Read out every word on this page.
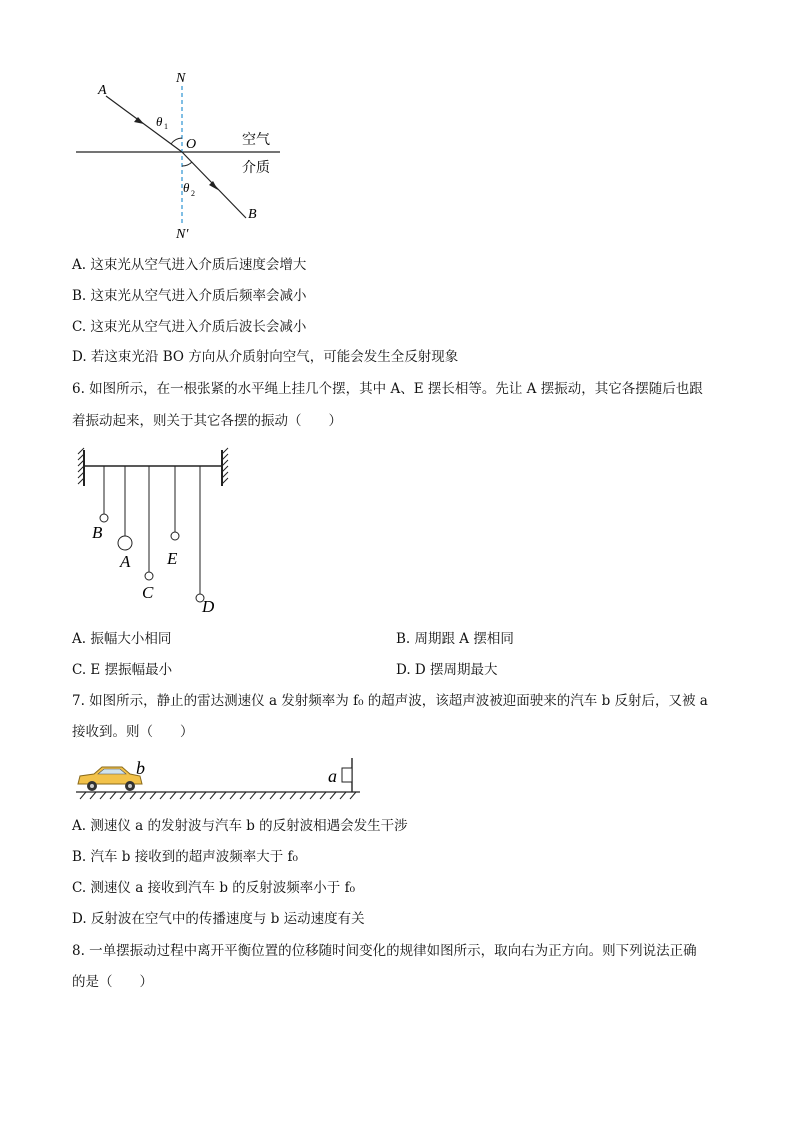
N
A
θ 1
O	空气
介质
θ 2
B
N′
A. 这束光从空气进入介质后速度会增大
B. 这束光从空气进入介质后频率会减小
C. 这束光从空气进入介质后波长会减小
D. 若这束光沿 BO 方向从介质射向空气，可能会发生全反射现象
6. 如图所示，在一根张紧的水平绳上挂几个摆，其中 A、E 摆长相等。先让 A 摆振动，其它各摆随后也跟
着振动起来，则关于其它各摆的振动（　　）
B
A E
C
D
A. 振幅大小相同	B. 周期跟 A 摆相同
C. E 摆振幅最小	D. D 摆周期最大
7. 如图所示，静止的雷达测速仪 a 发射频率为 f₀ 的超声波，该超声波被迎面驶来的汽车 b 反射后，又被 a
接收到。则（　　）
b	a
A. 测速仪 a 的发射波与汽车 b 的反射波相遇会发生干涉
B. 汽车 b 接收到的超声波频率大于 f₀
C. 测速仪 a 接收到汽车 b 的反射波频率小于 f₀
D. 反射波在空气中的传播速度与 b 运动速度有关
8. 一单摆振动过程中离开平衡位置的位移随时间变化的规律如图所示，取向右为正方向。则下列说法正确
的是（　　）
